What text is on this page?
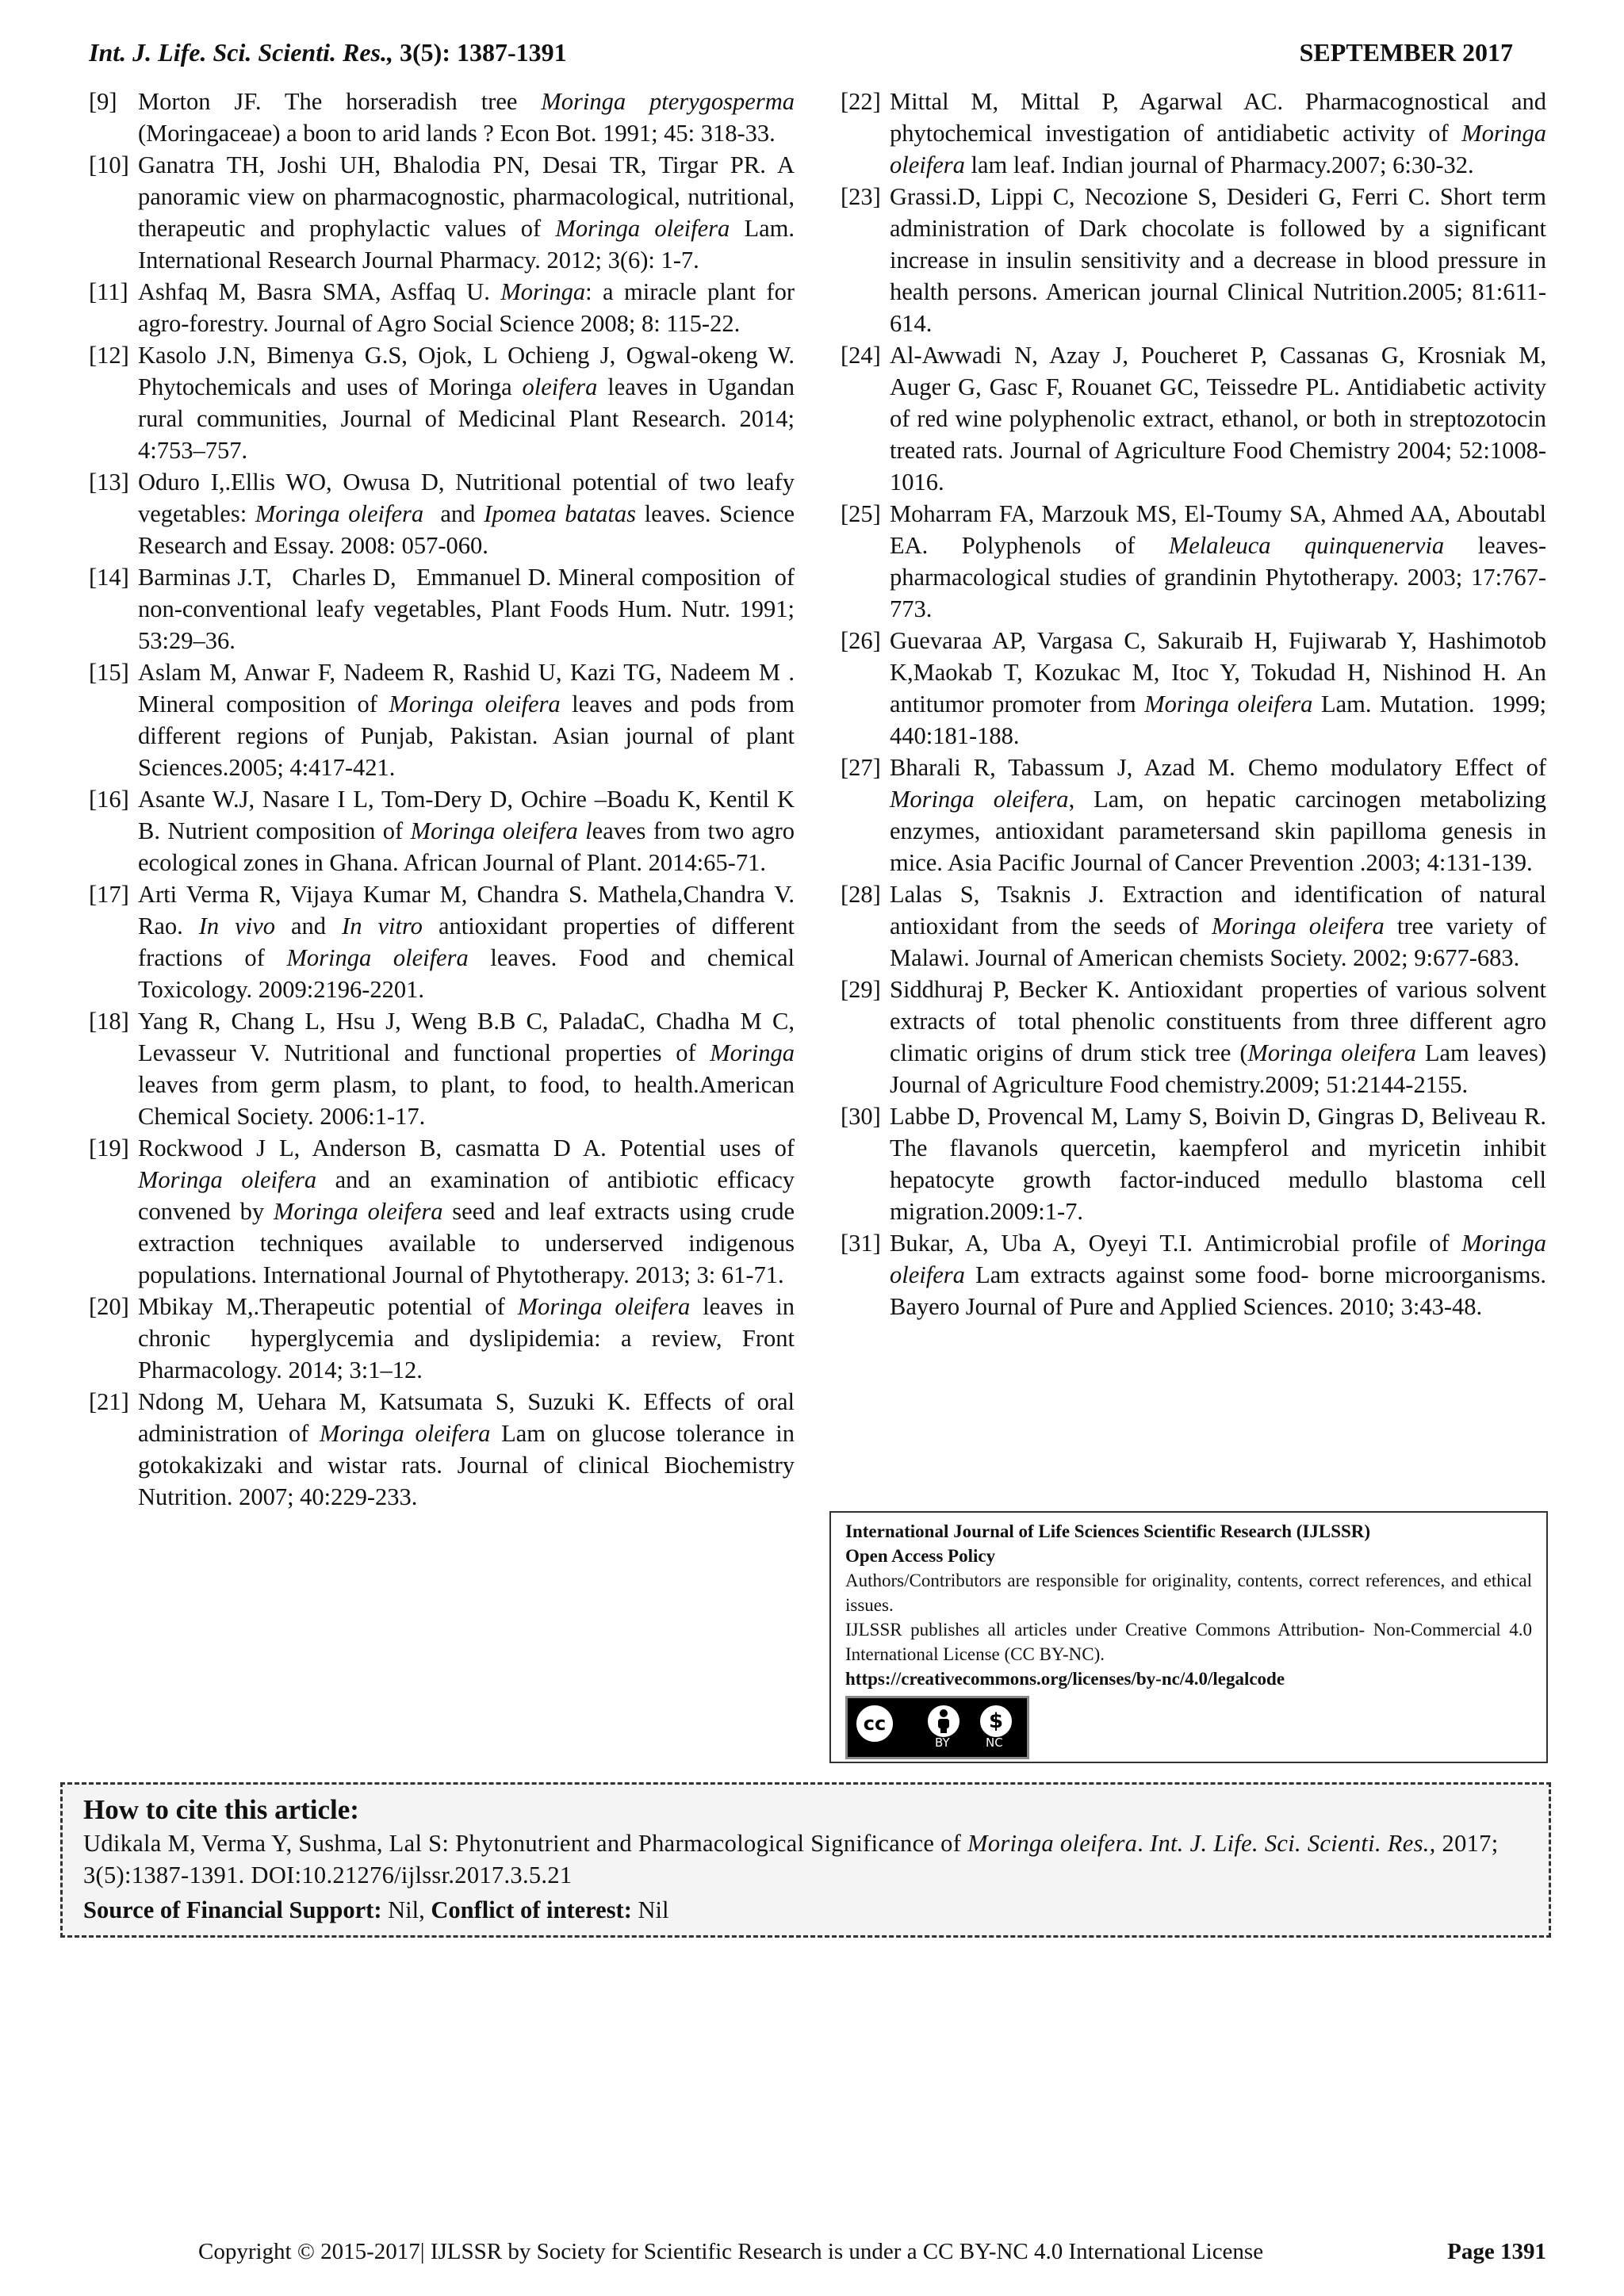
Int. J. Life. Sci. Scienti. Res., 3(5): 1387-1391	SEPTEMBER 2017
[9] Morton JF. The horseradish tree Moringa pterygosperma (Moringaceae) a boon to arid lands ? Econ Bot. 1991; 45: 318-33.
[10] Ganatra TH, Joshi UH, Bhalodia PN, Desai TR, Tirgar PR. A panoramic view on pharmacognostic, pharmacological, nutritional, therapeutic and prophylactic values of Moringa oleifera Lam. International Research Journal Pharmacy. 2012; 3(6): 1-7.
[11] Ashfaq M, Basra SMA, Asffaq U. Moringa: a miracle plant for agro-forestry. Journal of Agro Social Science 2008; 8: 115-22.
[12] Kasolo J.N, Bimenya G.S, Ojok, L Ochieng J, Ogwal-okeng W. Phytochemicals and uses of Moringa oleifera leaves in Ugandan rural communities, Journal of Medicinal Plant Research. 2014; 4:753–757.
[13] Oduro I,.Ellis WO, Owusa D, Nutritional potential of two leafy vegetables: Moringa oleifera  and Ipomea batatas leaves. Science Research and Essay. 2008: 057-060.
[14] Barminas J.T,   Charles D,   Emmanuel D. Mineral composition  of non-conventional leafy vegetables, Plant Foods Hum. Nutr. 1991; 53:29–36.
[15] Aslam M, Anwar F, Nadeem R, Rashid U, Kazi TG, Nadeem M . Mineral composition of Moringa oleifera leaves and pods from different regions of Punjab, Pakistan. Asian journal of plant Sciences.2005; 4:417-421.
[16] Asante W.J, Nasare I L, Tom-Dery D, Ochire –Boadu K, Kentil K B. Nutrient composition of Moringa oleifera leaves from two agro ecological zones in Ghana. African Journal of Plant. 2014:65-71.
[17] Arti Verma R, Vijaya Kumar M, Chandra S. Mathela,Chandra V. Rao. In vivo and In vitro antioxidant properties of different fractions of Moringa oleifera leaves. Food and chemical Toxicology. 2009:2196-2201.
[18] Yang R, Chang L, Hsu J, Weng B.B C, PaladaC, Chadha M C, Levasseur V. Nutritional and functional properties of Moringa leaves from germ plasm, to plant, to food, to health.American Chemical Society. 2006:1-17.
[19] Rockwood J L, Anderson B, casmatta D A. Potential uses of Moringa oleifera and an examination of antibiotic efficacy convened by Moringa oleifera seed and leaf extracts using crude extraction techniques available to underserved indigenous populations. International Journal of Phytotherapy. 2013; 3: 61-71.
[20] Mbikay M,.Therapeutic potential of Moringa oleifera leaves in chronic  hyperglycemia and dyslipidemia: a review, Front Pharmacology. 2014; 3:1–12.
[21] Ndong M, Uehara M, Katsumata S, Suzuki K. Effects of oral administration of Moringa oleifera Lam on glucose tolerance in gotokakizaki and wistar rats. Journal of clinical Biochemistry Nutrition. 2007; 40:229-233.
[22] Mittal M, Mittal P, Agarwal AC. Pharmacognostical and phytochemical investigation of antidiabetic activity of Moringa oleifera lam leaf. Indian journal of Pharmacy.2007; 6:30-32.
[23] Grassi.D, Lippi C, Necozione S, Desideri G, Ferri C. Short term administration of Dark chocolate is followed by a significant increase in insulin sensitivity and a decrease in blood pressure in health persons. American journal Clinical Nutrition.2005; 81:611-614.
[24] Al-Awwadi N, Azay J, Poucheret P, Cassanas G, Krosniak M, Auger G, Gasc F, Rouanet GC, Teissedre PL. Antidiabetic activity of red wine polyphenolic extract, ethanol, or both in streptozotocin treated rats. Journal of Agriculture Food Chemistry 2004; 52:1008-1016.
[25] Moharram FA, Marzouk MS, El-Toumy SA, Ahmed AA, Aboutabl EA. Polyphenols of Melaleuca quinquenervia leaves-pharmacological studies of grandinin Phytotherapy. 2003; 17:767-773.
[26] Guevaraa AP, Vargasa C, Sakuraib H, Fujiwarab Y, Hashimotob K,Maokab T, Kozukac M, Itoc Y, Tokudad H, Nishinod H. An antitumor promoter from Moringa oleifera Lam. Mutation.  1999; 440:181-188.
[27] Bharali R, Tabassum J, Azad M. Chemo modulatory Effect of Moringa oleifera, Lam, on hepatic carcinogen metabolizing enzymes, antioxidant parametersand skin papilloma genesis in mice. Asia Pacific Journal of Cancer Prevention .2003; 4:131-139.
[28] Lalas S, Tsaknis J. Extraction and identification of natural antioxidant from the seeds of Moringa oleifera tree variety of Malawi. Journal of American chemists Society. 2002; 9:677-683.
[29] Siddhuraj P, Becker K. Antioxidant  properties of various solvent extracts of  total phenolic constituents from three different agro climatic origins of drum stick tree (Moringa oleifera Lam leaves) Journal of Agriculture Food chemistry.2009; 51:2144-2155.
[30] Labbe D, Provencal M, Lamy S, Boivin D, Gingras D, Beliveau R. The flavanols quercetin, kaempferol and myricetin inhibit hepatocyte growth factor-induced medullo blastoma cell migration.2009:1-7.
[31] Bukar, A, Uba A, Oyeyi T.I. Antimicrobial profile of Moringa oleifera Lam extracts against some food- borne microorganisms. Bayero Journal of Pure and Applied Sciences. 2010; 3:43-48.
International Journal of Life Sciences Scientific Research (IJLSSR)
Open Access Policy
Authors/Contributors are responsible for originality, contents, correct references, and ethical issues.
IJLSSR publishes all articles under Creative Commons Attribution- Non-Commercial 4.0 International License (CC BY-NC).
https://creativecommons.org/licenses/by-nc/4.0/legalcode
cc	$
BY	NC
How to cite this article:
Udikala M, Verma Y, Sushma, Lal S: Phytonutrient and Pharmacological Significance of Moringa oleifera. Int. J. Life. Sci. Scienti. Res., 2017; 3(5):1387-1391. DOI:10.21276/ijlssr.2017.3.5.21
Source of Financial Support: Nil, Conflict of interest: Nil
Copyright © 2015-2017| IJLSSR by Society for Scientific Research is under a CC BY-NC 4.0 International License	Page 1391
